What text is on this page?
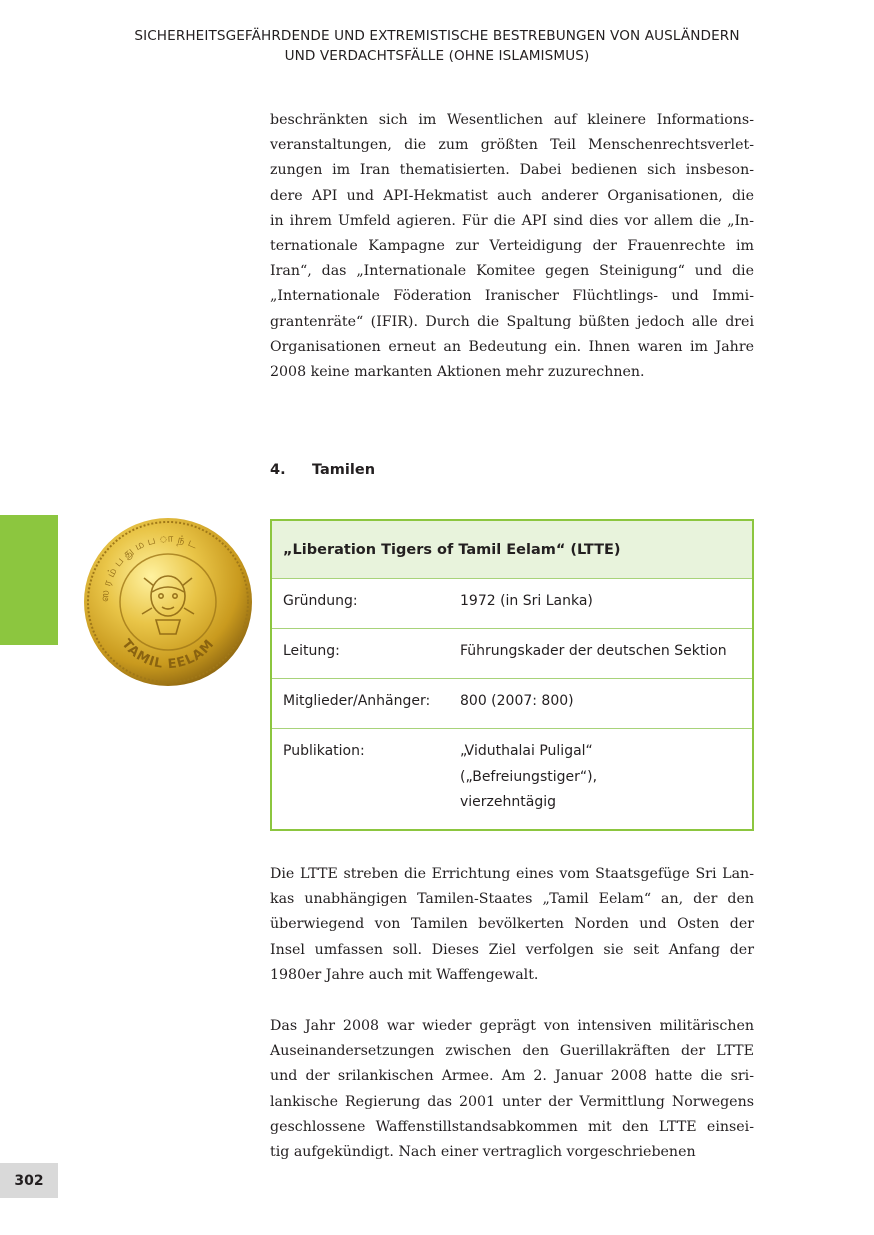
SICHERHEITSGEFÄHRDENDE UND EXTREMISTISCHE BESTREBUNGEN VON AUSLÄNDERN
UND VERDACHTSFÄLLE (OHNE ISLAMISMUS)
beschränkten sich im Wesentlichen auf kleinere Informations-
veranstaltungen, die zum größten Teil Menschenrechtsverlet-
zungen im Iran thematisierten. Dabei bedienen sich insbeson-
dere API und API-Hekmatist auch anderer Organisationen, die
in ihrem Umfeld agieren. Für die API sind dies vor allem die „In-
ternationale Kampagne zur Verteidigung der Frauenrechte im
Iran“, das „Internationale Komitee gegen Steinigung“ und die
„Internationale Föderation Iranischer Flüchtlings- und Immi-
grantenräte“ (IFIR). Durch die Spaltung büßten jedoch alle drei
Organisationen erneut an Bedeutung ein. Ihnen waren im Jahre
2008 keine markanten Aktionen mehr zuzurechnen.
4. Tamilen
ஸ ர ம் ப து ம ப ா ந் ட
TAMIL EELAM
„Liberation Tigers of Tamil Eelam“ (LTTE)
Gründung:	1972 (in Sri Lanka)
Leitung:	Führungskader der deutschen Sektion
Mitglieder/Anhänger:	800 (2007: 800)
Publikation:	„Viduthalai Puligal“
(„Befreiungstiger“),
vierzehntägig
Die LTTE streben die Errichtung eines vom Staatsgefüge Sri Lan-
kas unabhängigen Tamilen-Staates „Tamil Eelam“ an, der den
überwiegend von Tamilen bevölkerten Norden und Osten der
Insel umfassen soll. Dieses Ziel verfolgen sie seit Anfang der
1980er Jahre auch mit Waffengewalt.
Das Jahr 2008 war wieder geprägt von intensiven militärischen
Auseinandersetzungen zwischen den Guerillakräften der LTTE
und der srilankischen Armee. Am 2. Januar 2008 hatte die sri-
lankische Regierung das 2001 unter der Vermittlung Norwegens
geschlossene Waffenstillstandsabkommen mit den LTTE einsei-
tig aufgekündigt. Nach einer vertraglich vorgeschriebenen
302
